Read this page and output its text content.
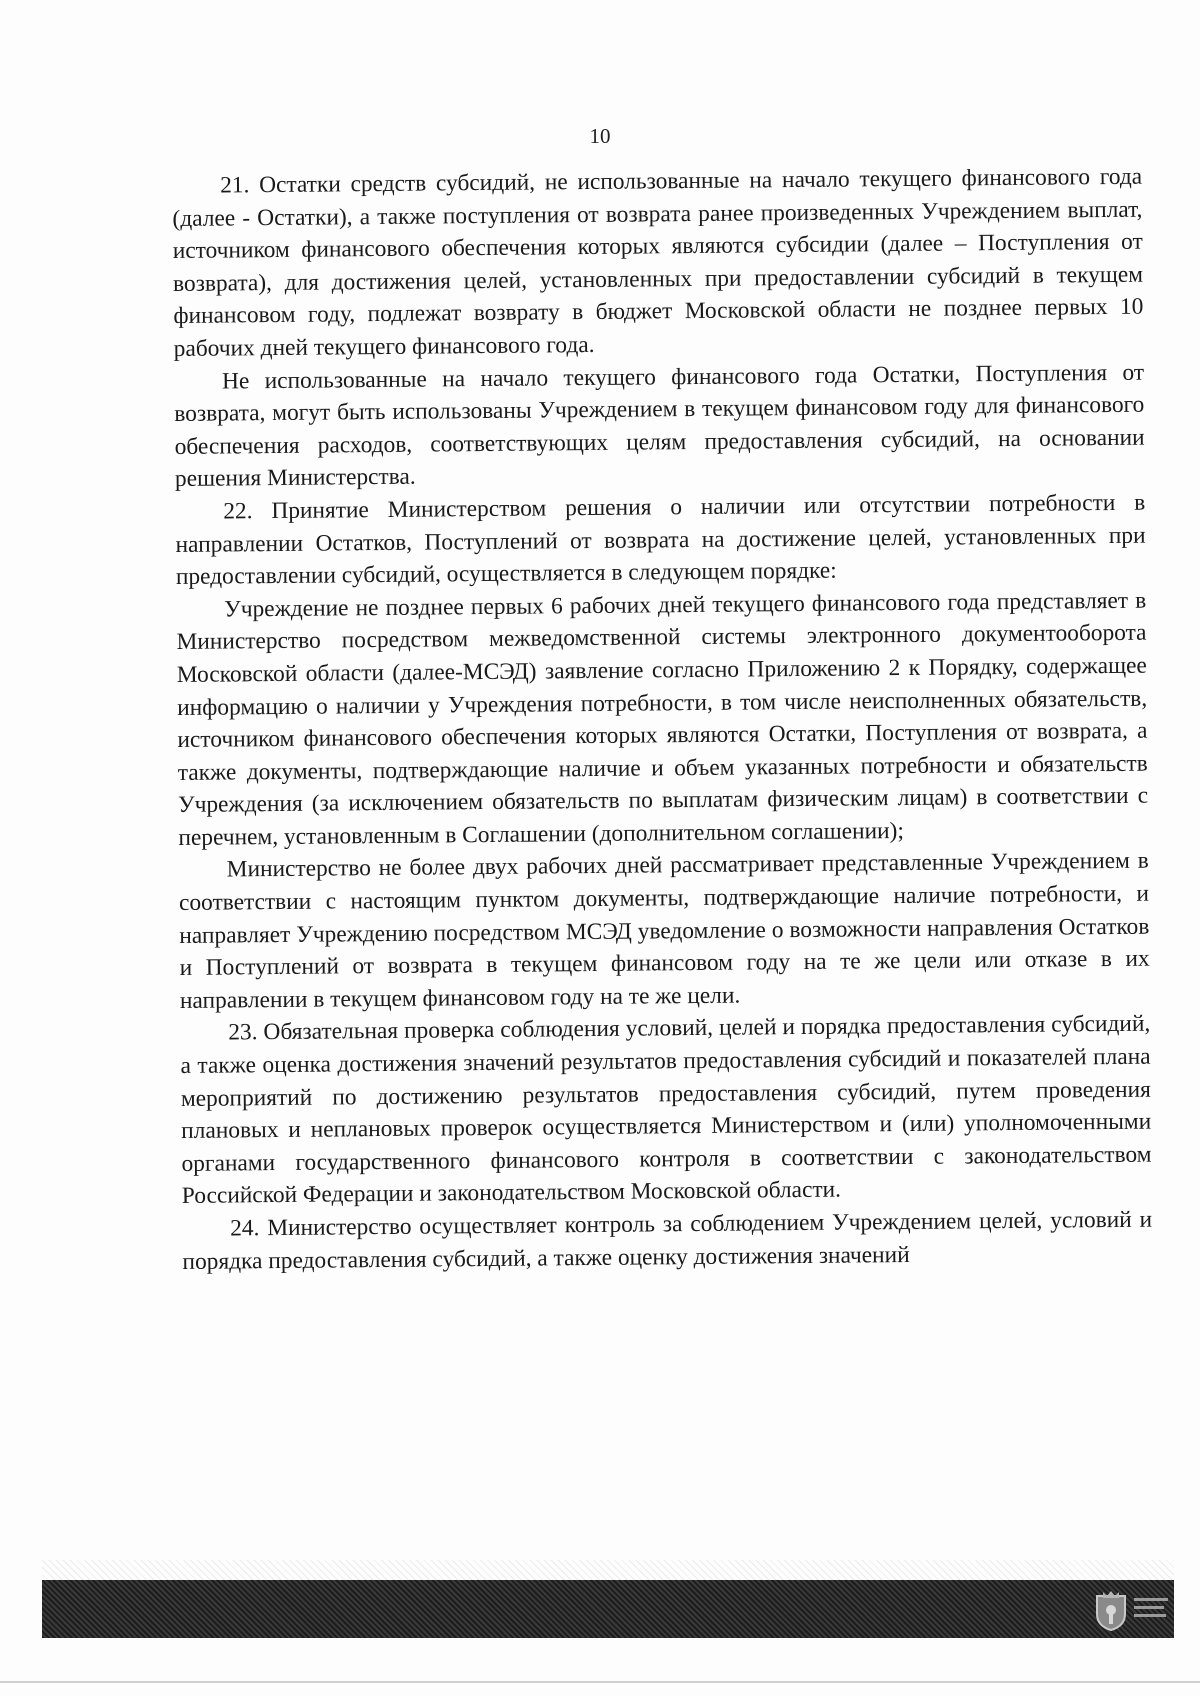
10

21. Остатки средств субсидий, не использованные на начало текущего финансового года (далее - Остатки), а также поступления от возврата ранее произведенных Учреждением выплат, источником финансового обеспечения которых являются субсидии (далее – Поступления от возврата), для достижения целей, установленных при предоставлении субсидий в текущем финансовом году, подлежат возврату в бюджет Московской области не позднее первых 10 рабочих дней текущего финансового года.

Не использованные на начало текущего финансового года Остатки, Поступления от возврата, могут быть использованы Учреждением в текущем финансовом году для финансового обеспечения расходов, соответствующих целям предоставления субсидий, на основании решения Министерства.

22. Принятие Министерством решения о наличии или отсутствии потребности в направлении Остатков, Поступлений от возврата на достижение целей, установленных при предоставлении субсидий, осуществляется в следующем порядке:

Учреждение не позднее первых 6 рабочих дней текущего финансового года представляет в Министерство посредством межведомственной системы электронного документооборота Московской области (далее-МСЭД) заявление согласно Приложению 2 к Порядку, содержащее информацию о наличии у Учреждения потребности, в том числе неисполненных обязательств, источником финансового обеспечения которых являются Остатки, Поступления от возврата, а также документы, подтверждающие наличие и объем указанных потребности и обязательств Учреждения (за исключением обязательств по выплатам физическим лицам) в соответствии с перечнем, установленным в Соглашении (дополнительном соглашении);

Министерство не более двух рабочих дней рассматривает представленные Учреждением в соответствии с настоящим пунктом документы, подтверждающие наличие потребности, и направляет Учреждению посредством МСЭД уведомление о возможности направления Остатков и Поступлений от возврата в текущем финансовом году на те же цели или отказе в их направлении в текущем финансовом году на те же цели.

23. Обязательная проверка соблюдения условий, целей и порядка предоставления субсидий, а также оценка достижения значений результатов предоставления субсидий и показателей плана мероприятий по достижению результатов предоставления субсидий, путем проведения плановых и неплановых проверок осуществляется Министерством и (или) уполномоченными органами государственного финансового контроля в соответствии с законодательством Российской Федерации и законодательством Московской области.

24. Министерство осуществляет контроль за соблюдением Учреждением целей, условий и порядка предоставления субсидий, а также оценку достижения значений
